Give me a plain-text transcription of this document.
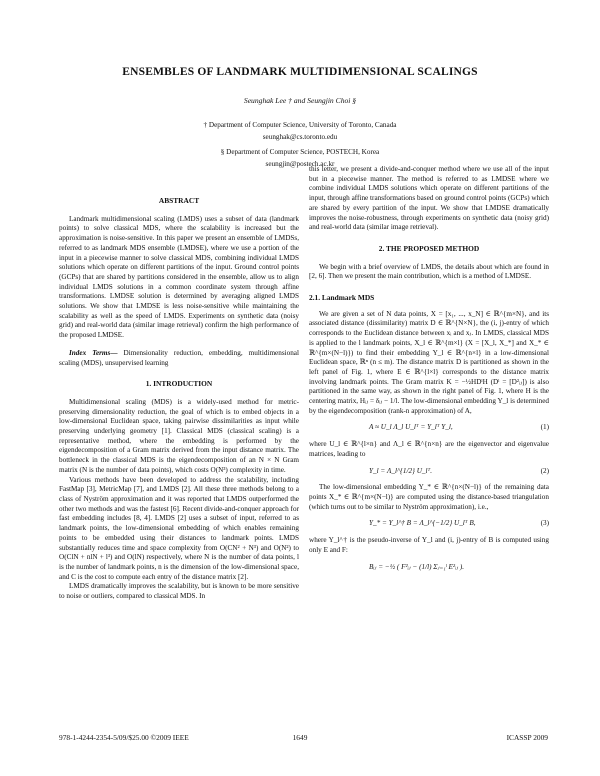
ENSEMBLES OF LANDMARK MULTIDIMENSIONAL SCALINGS
Seunghak Lee † and Seungjin Choi §
† Department of Computer Science, University of Toronto, Canada
seunghak@cs.toronto.edu
§ Department of Computer Science, POSTECH, Korea
seungjin@postech.ac.kr
ABSTRACT

Landmark multidimensional scaling (LMDS) uses a subset of data (landmark points) to solve classical MDS, where the scalability is increased but the approximation is noise-sensitive. In this paper we present an ensemble of LMDSs, referred to as landmark MDS ensemble (LMDSE), where we use a portion of the input in a piecewise manner to solve classical MDS, combining individual LMDS solutions which operate on different partitions of the input. Ground control points (GCPs) that are shared by partitions considered in the ensemble, allow us to align individual LMDS solutions in a common coordinate system through affine transformations. LMDSE solution is determined by averaging aligned LMDS solutions. We show that LMDSE is less noise-sensitive while maintaining the scalability as well as the speed of LMDS. Experiments on synthetic data (noisy grid) and real-world data (similar image retrieval) confirm the high performance of the proposed LMDSE.

Index Terms— Dimensionality reduction, embedding, multidimensional scaling (MDS), unsupervised learning

1. INTRODUCTION

Multidimensional scaling (MDS) is a widely-used method for metric-preserving dimensionality reduction, the goal of which is to embed objects in a low-dimensional Euclidean space, taking pairwise dissimilarities as input while preserving underlying geometry [1]. Classical MDS (classical scaling) is a representative method, where the embedding is performed by the eigendecomposition of a Gram matrix derived from the input distance matrix. The bottleneck in the classical MDS is the eigendecomposition of an N × N Gram matrix (N is the number of data points), which costs O(N³) complexity in time.

Various methods have been developed to address the scalability, including FastMap [3], MetricMap [7], and LMDS [2]. All these three methods belong to a class of Nyström approximation and it was reported that LMDS outperformed the other two methods and was the fastest [6]. Recent divide-and-conquer approach for fast embedding includes [8, 4]. LMDS [2] uses a subset of input, referred to as landmark points, the low-dimensional embedding of which enables remaining points to be embedded using their distances to landmark points. LMDS substantially reduces time and space complexity from O(CN² + N³) and O(N²) to O(ClN + nlN + l³) and O(lN) respectively, where N is the number of data points, l is the number of landmark points, n is the dimension of the low-dimensional space, and C is the cost to compute each entry of the distance matrix [2].

LMDS dramatically improves the scalability, but is known to be more sensitive to noise or outliers, compared to classical MDS. In

this letter, we present a divide-and-conquer method where we use all of the input but in a piecewise manner. The method is referred to as LMDSE where we combine individual LMDS solutions which operate on different partitions of the input, through affine transformations based on ground control points (GCPs) which are shared by every partition of the input. We show that LMDSE dramatically improves the noise-robustness, through experiments on synthetic data (noisy grid) and real-world data (similar image retrieval).

2. THE PROPOSED METHOD

We begin with a brief overview of LMDS, the details about which are found in [2, 6]. Then we present the main contribution, which is a method of LMDSE.

2.1. Landmark MDS

We are given a set of N data points, X = [x₁, ..., x_N] ∈ ℝ^{m×N}, and its associated distance (dissimilarity) matrix D ∈ ℝ^{N×N}, the (i, j)-entry of which corresponds to the Euclidean distance between xᵢ and xⱼ. In LMDS, classical MDS is applied to the l landmark points, X_l ∈ ℝ^{m×l} (X = [X_l, X_*] and X_* ∈ ℝ^{m×(N−l)}) to find their embedding Y_l ∈ ℝ^{n×l} in a low-dimensional Euclidean space, ℝⁿ (n ≤ m). The distance matrix D is partitioned as shown in the left panel of Fig. 1, where E ∈ ℝ^{l×l} corresponds to the distance matrix involving landmark points. The Gram matrix K = −½HDˡH (Dˡ = [D²ᵢⱼ]) is also partitioned in the same way, as shown in the right panel of Fig. 1, where H is the centering matrix, Hᵢⱼ = δᵢⱼ − 1/l. The low-dimensional embedding Y_l is determined by the eigendecomposition (rank-n approximation) of A,

A ≈ U_l Λ_l U_lᵀ = Y_lᵀ Y_l,	(1)

where U_l ∈ ℝ^{l×n} and Λ_l ∈ ℝ^{n×n} are the eigenvector and eigenvalue matrices, leading to

Y_l = Λ_l^{1/2} U_lᵀ.	(2)

The low-dimensional embedding Y_* ∈ ℝ^{n×(N−l)} of the remaining data points X_* ∈ ℝ^{m×(N−l)} are computed using the distance-based triangulation (which turns out to be similar to Nyström approximation), i.e.,

Y_* = Y_l^† B = Λ_l^{−1/2} U_lᵀ B,	(3)

where Y_l^† is the pseudo-inverse of Y_l and (i, j)-entry of B is computed using only E and F:

Bᵢⱼ = −½ ( F²ᵢⱼ − (1/l) Σⱼ₌₁ˡ E²ᵢⱼ ).
978-1-4244-2354-5/09/$25.00 ©2009 IEEE	1649	ICASSP 2009
